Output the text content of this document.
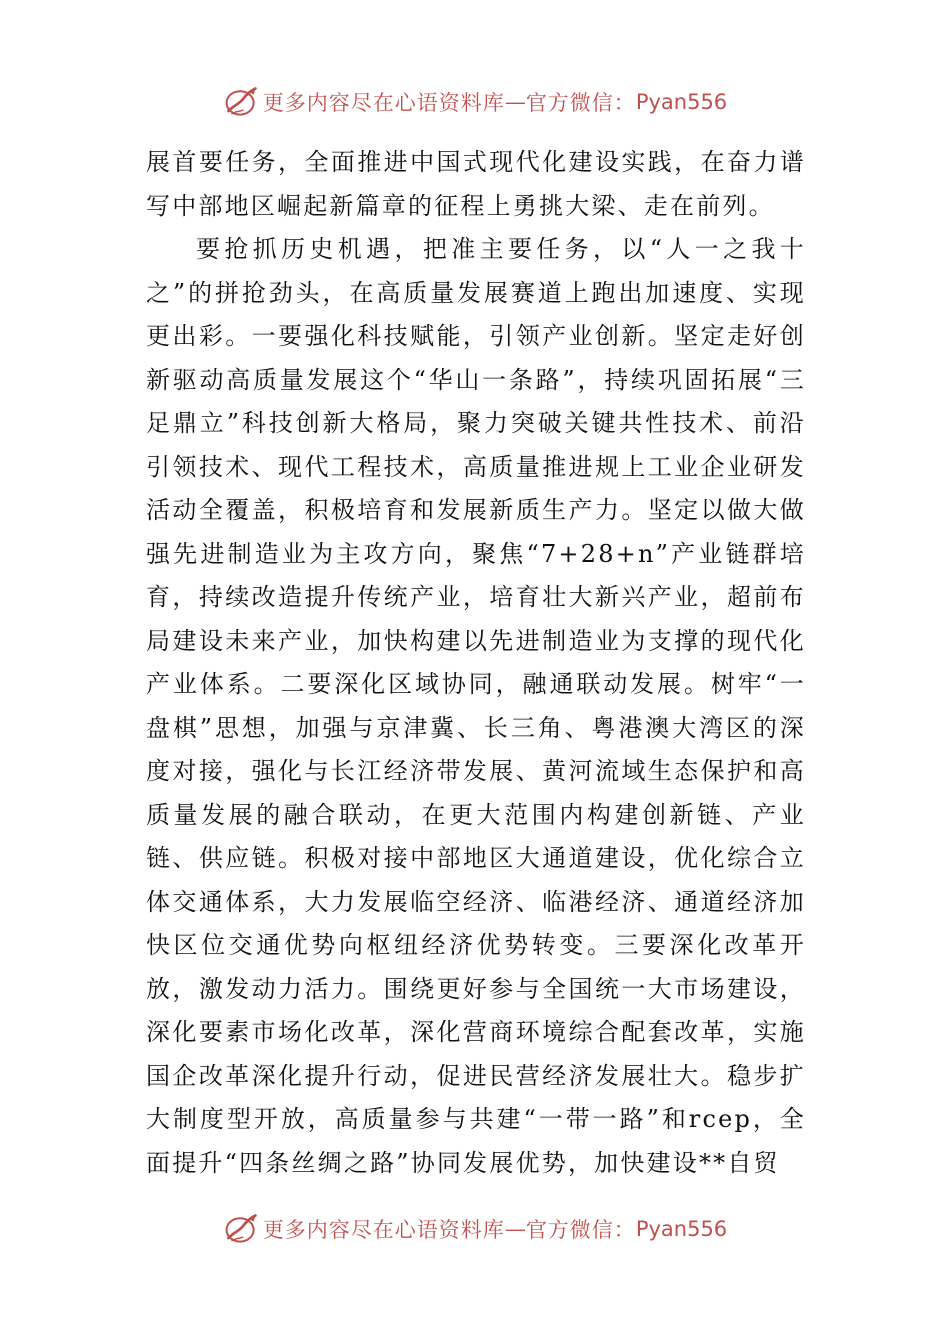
更多内容尽在心语资料库 — 官方微信： Pyan556

展首要任务，全面推进中国式现代化建设实践，在奋力谱写中部地区崛起新篇章的征程上勇挑大梁、走在前列。

要抢抓历史机遇，把准主要任务，以“人一之我十之”的拼抢劲头，在高质量发展赛道上跑出加速度、实现更出彩。一要强化科技赋能，引领产业创新。坚定走好创新驱动高质量发展这个“华山一条路”，持续巩固拓展“三足鼎立”科技创新大格局，聚力突破关键共性技术、前沿引领技术、现代工程技术，高质量推进规上工业企业研发活动全覆盖，积极培育和发展新质生产力。坚定以做大做强先进制造业为主攻方向，聚焦“7+28+n”产业链群培育，持续改造提升传统产业，培育壮大新兴产业，超前布局建设未来产业，加快构建以先进制造业为支撑的现代化产业体系。二要深化区域协同，融通联动发展。树牢“一盘棋”思想，加强与京津冀、长三角、粤港澳大湾区的深度对接，强化与长江经济带发展、黄河流域生态保护和高质量发展的融合联动，在更大范围内构建创新链、产业链、供应链。积极对接中部地区大通道建设，优化综合立体交通体系，大力发展临空经济、临港经济、通道经济加快区位交通优势向枢纽经济优势转变。三要深化改革开放，激发动力活力。围绕更好参与全国统一大市场建设，深化要素市场化改革，深化营商环境综合配套改革，实施国企改革深化提升行动，促进民营经济发展壮大。稳步扩大制度型开放，高质量参与共建“一带一路”和rcep，全面提升“四条丝绸之路”协同发展优势，加快建设**自贸

更多内容尽在心语资料库 — 官方微信： Pyan556
